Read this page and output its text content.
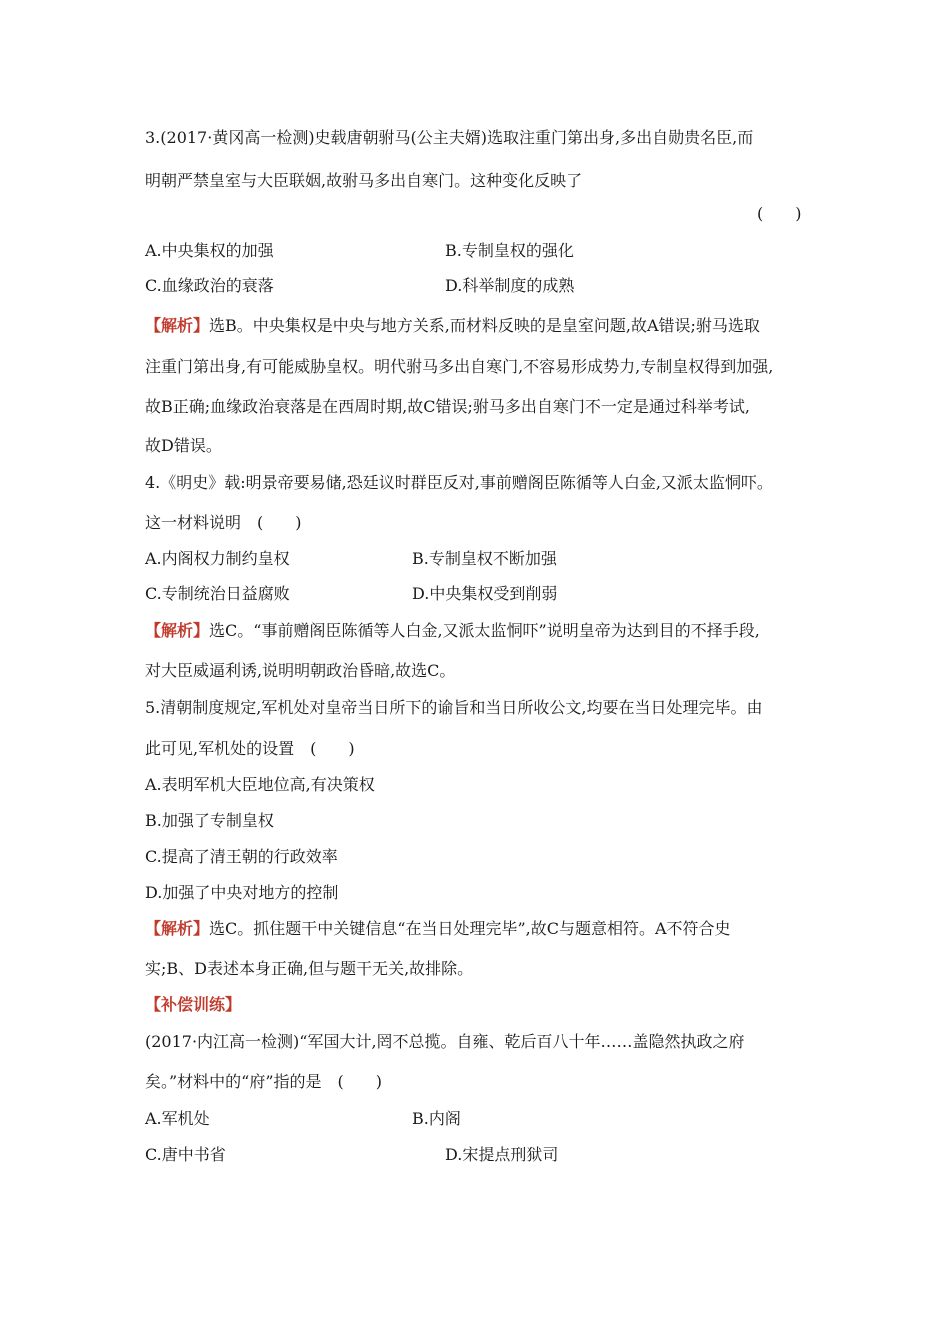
3.(2017·黄冈高一检测)史载唐朝驸马(公主夫婿)选取注重门第出身,多出自勋贵名臣,而
明朝严禁皇室与大臣联姻,故驸马多出自寒门。这种变化反映了
(　　)
A.中央集权的加强	B.专制皇权的强化
C.血缘政治的衰落	D.科举制度的成熟
【解析】选B。中央集权是中央与地方关系,而材料反映的是皇室问题,故A错误;驸马选取
注重门第出身,有可能威胁皇权。明代驸马多出自寒门,不容易形成势力,专制皇权得到加强,
故B正确;血缘政治衰落是在西周时期,故C错误;驸马多出自寒门不一定是通过科举考试,
故D错误。
4.《明史》载:明景帝要易储,恐廷议时群臣反对,事前赠阁臣陈循等人白金,又派太监恫吓。
这一材料说明　(　　)
A.内阁权力制约皇权	B.专制皇权不断加强
C.专制统治日益腐败	D.中央集权受到削弱
【解析】选C。“事前赠阁臣陈循等人白金,又派太监恫吓”说明皇帝为达到目的不择手段,
对大臣威逼利诱,说明明朝政治昏暗,故选C。
5.清朝制度规定,军机处对皇帝当日所下的谕旨和当日所收公文,均要在当日处理完毕。由
此可见,军机处的设置　(　　)
A.表明军机大臣地位高,有决策权
B.加强了专制皇权
C.提高了清王朝的行政效率
D.加强了中央对地方的控制
【解析】选C。抓住题干中关键信息“在当日处理完毕”,故C与题意相符。A不符合史
实;B、D表述本身正确,但与题干无关,故排除。
【补偿训练】
(2017·内江高一检测)“军国大计,罔不总揽。自雍、乾后百八十年……盖隐然执政之府
矣。”材料中的“府”指的是　(　　)
A.军机处	B.内阁
C.唐中书省	D.宋提点刑狱司
